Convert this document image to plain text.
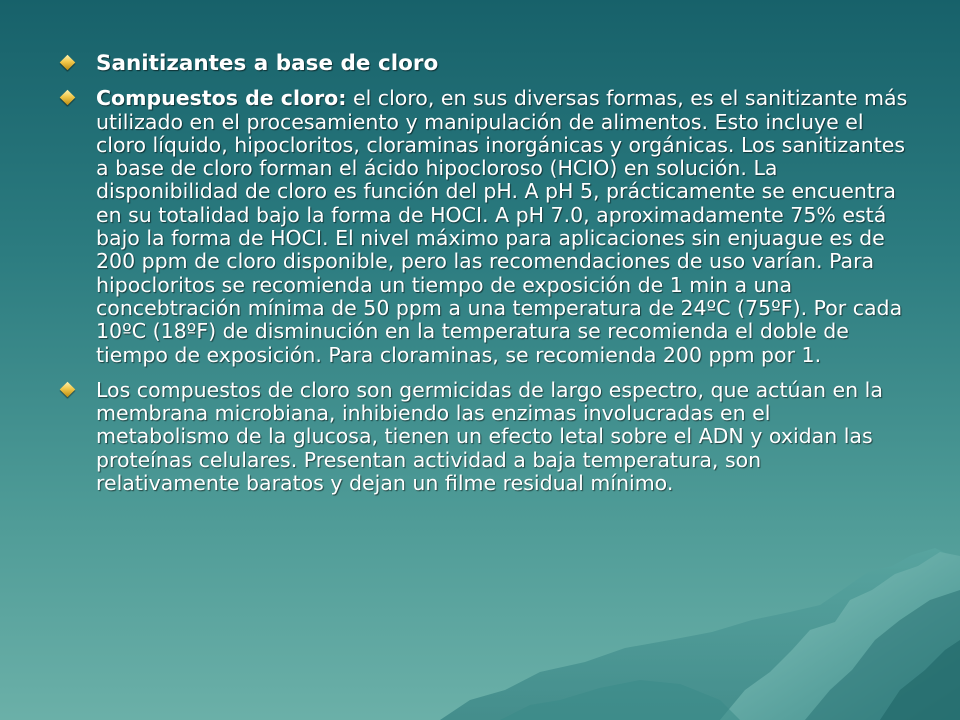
Sanitizantes a base de cloro
Compuestos de cloro: el cloro, en sus diversas formas, es el sanitizante más utilizado en el procesamiento y manipulación de alimentos. Esto incluye el cloro líquido, hipocloritos, cloraminas inorgánicas y orgánicas. Los sanitizantes a base de cloro forman el ácido hipocloroso (HCIO) en solución. La disponibilidad de cloro es función del pH. A pH 5, prácticamente se encuentra en su totalidad bajo la forma de HOCI. A pH 7.0, aproximadamente 75% está bajo la forma de HOCI. El nivel máximo para aplicaciones sin enjuague es de 200 ppm de cloro disponible, pero las recomendaciones de uso varían. Para hipocloritos se recomienda un tiempo de exposición de 1 min a una concebtración mínima de 50 ppm a una temperatura de 24ºC (75ºF). Por cada 10ºC (18ºF) de disminución en la temperatura se recomienda el doble de tiempo de exposición. Para cloraminas, se recomienda 200 ppm por 1.
Los compuestos de cloro son germicidas de largo espectro, que actúan en la membrana microbiana, inhibiendo las enzimas involucradas en el metabolismo de la glucosa, tienen un efecto letal sobre el ADN y oxidan las proteínas celulares. Presentan actividad a baja temperatura, son relativamente baratos y dejan un filme residual mínimo.
